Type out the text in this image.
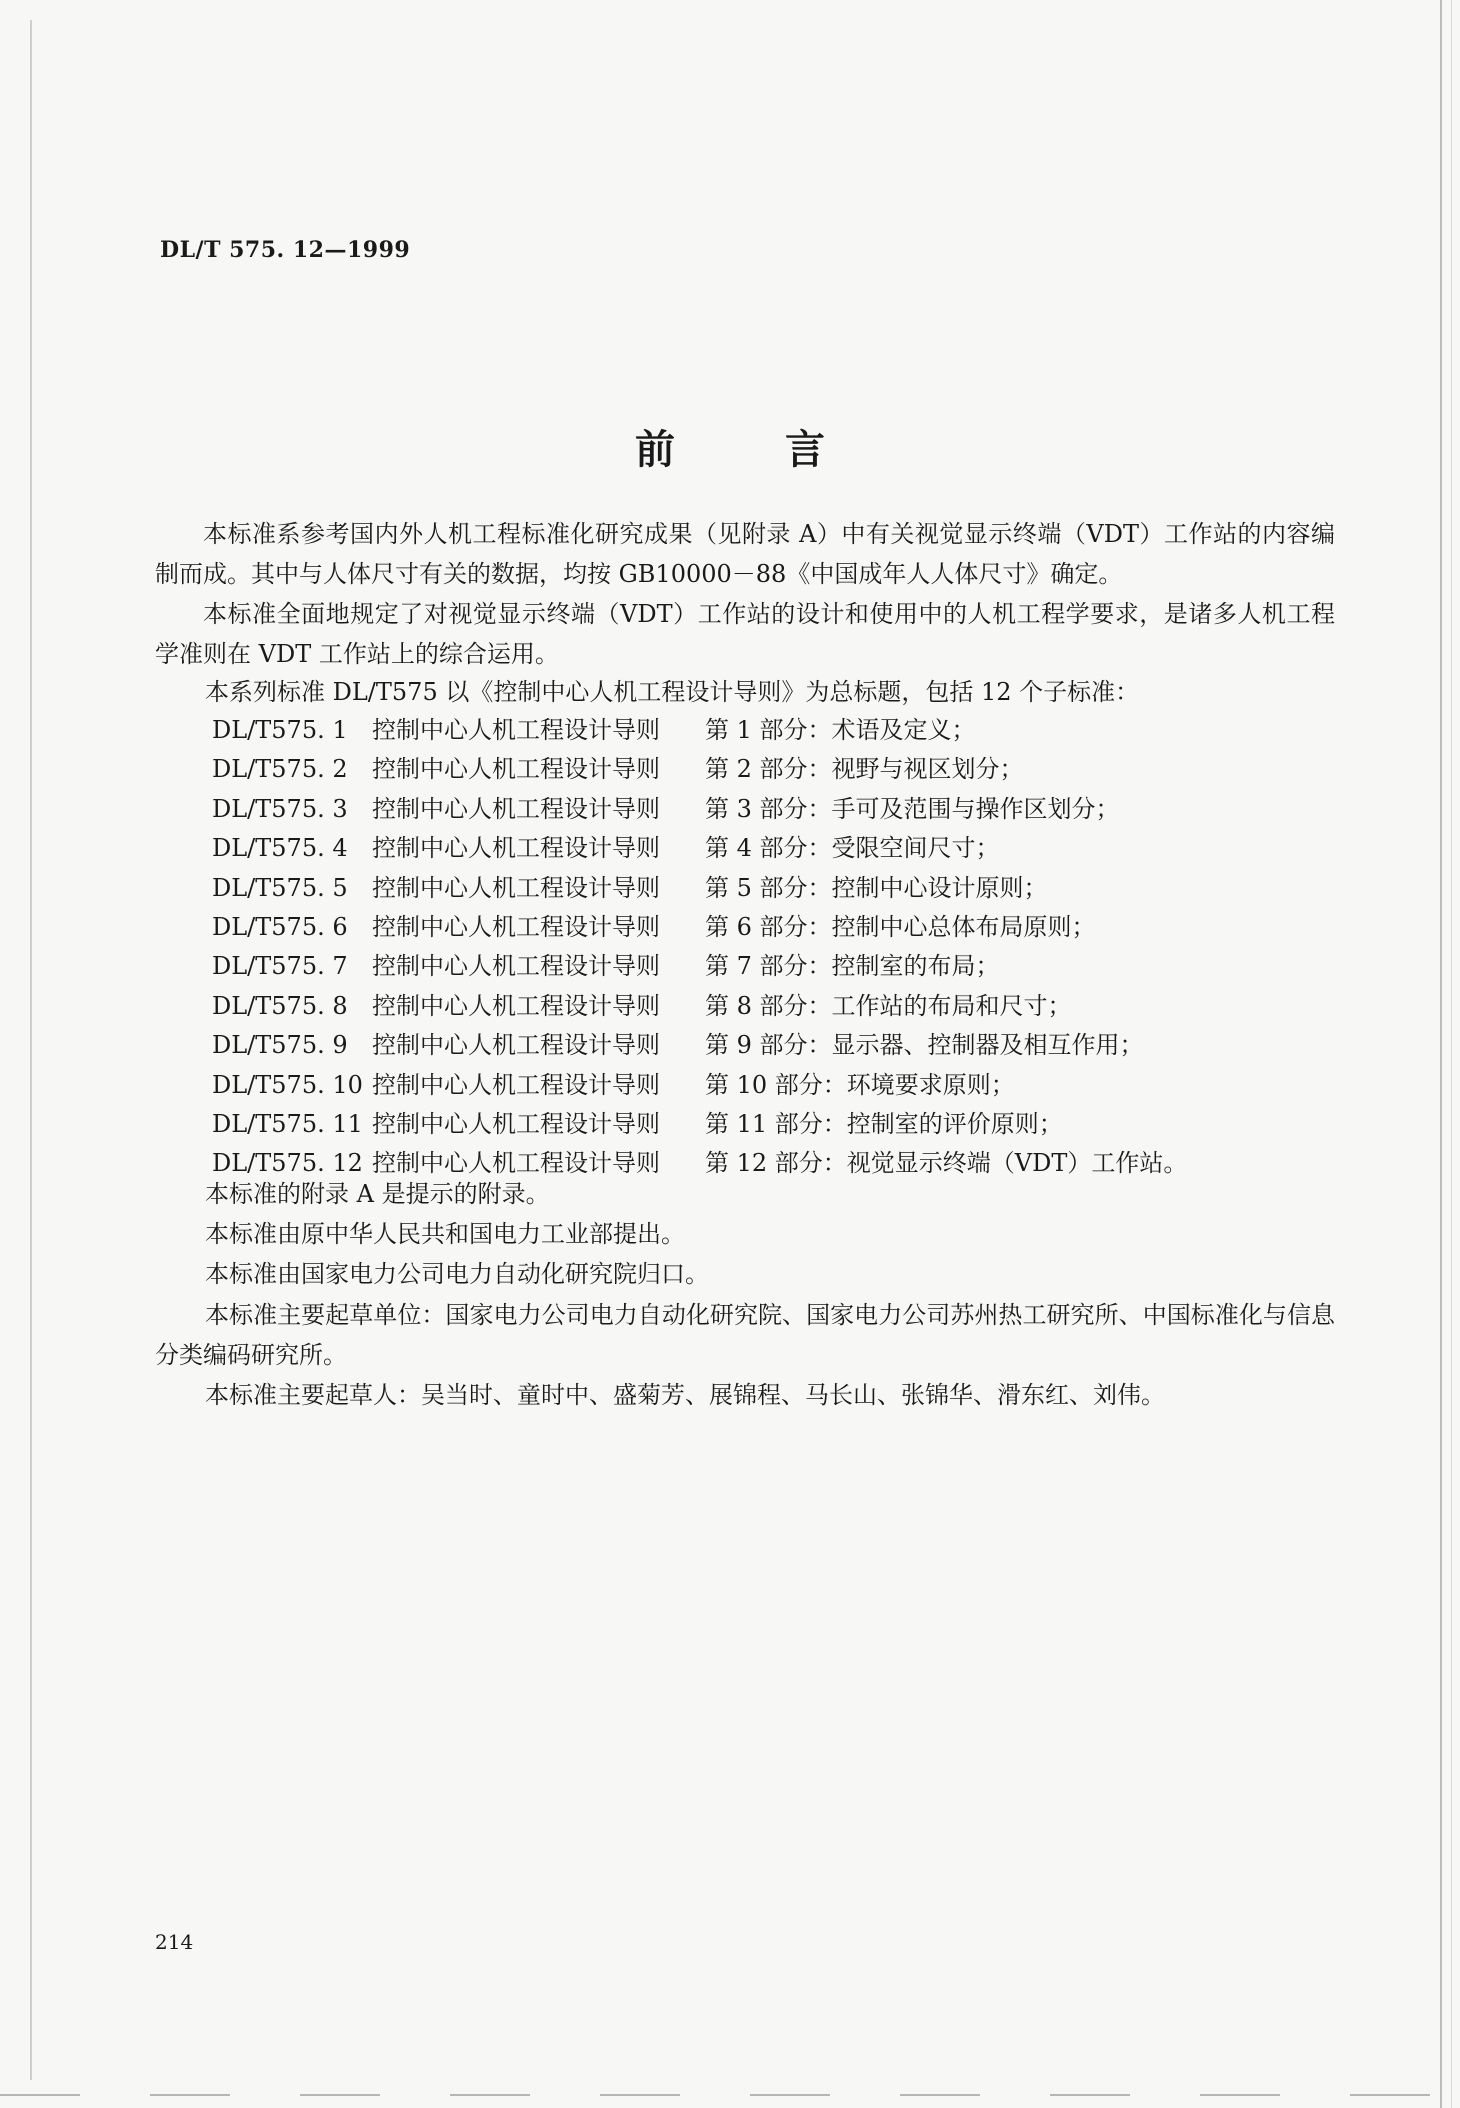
DL/T 575. 12—1999
前言
本标准系参考国内外人机工程标准化研究成果（见附录 A）中有关视觉显示终端（VDT）工作站的内容编制而成。其中与人体尺寸有关的数据，均按 GB10000－88《中国成年人人体尺寸》确定。
本标准全面地规定了对视觉显示终端（VDT）工作站的设计和使用中的人机工程学要求，是诸多人机工程学准则在 VDT 工作站上的综合运用。
本系列标准 DL/T575 以《控制中心人机工程设计导则》为总标题，包括 12 个子标准：
DL/T575. 1	控制中心人机工程设计导则	第 1 部分：术语及定义；
DL/T575. 2	控制中心人机工程设计导则	第 2 部分：视野与视区划分；
DL/T575. 3	控制中心人机工程设计导则	第 3 部分：手可及范围与操作区划分；
DL/T575. 4	控制中心人机工程设计导则	第 4 部分：受限空间尺寸；
DL/T575. 5	控制中心人机工程设计导则	第 5 部分：控制中心设计原则；
DL/T575. 6	控制中心人机工程设计导则	第 6 部分：控制中心总体布局原则；
DL/T575. 7	控制中心人机工程设计导则	第 7 部分：控制室的布局；
DL/T575. 8	控制中心人机工程设计导则	第 8 部分：工作站的布局和尺寸；
DL/T575. 9	控制中心人机工程设计导则	第 9 部分：显示器、控制器及相互作用；
DL/T575. 10 控制中心人机工程设计导则	第 10 部分：环境要求原则；
DL/T575. 11 控制中心人机工程设计导则	第 11 部分：控制室的评价原则；
DL/T575. 12 控制中心人机工程设计导则	第 12 部分：视觉显示终端（VDT）工作站。
本标准的附录 A 是提示的附录。
本标准由原中华人民共和国电力工业部提出。
本标准由国家电力公司电力自动化研究院归口。
本标准主要起草单位：国家电力公司电力自动化研究院、国家电力公司苏州热工研究所、中国标准化与信息分类编码研究所。
本标准主要起草人：吴当时、童时中、盛菊芳、展锦程、马长山、张锦华、滑东红、刘伟。
214
